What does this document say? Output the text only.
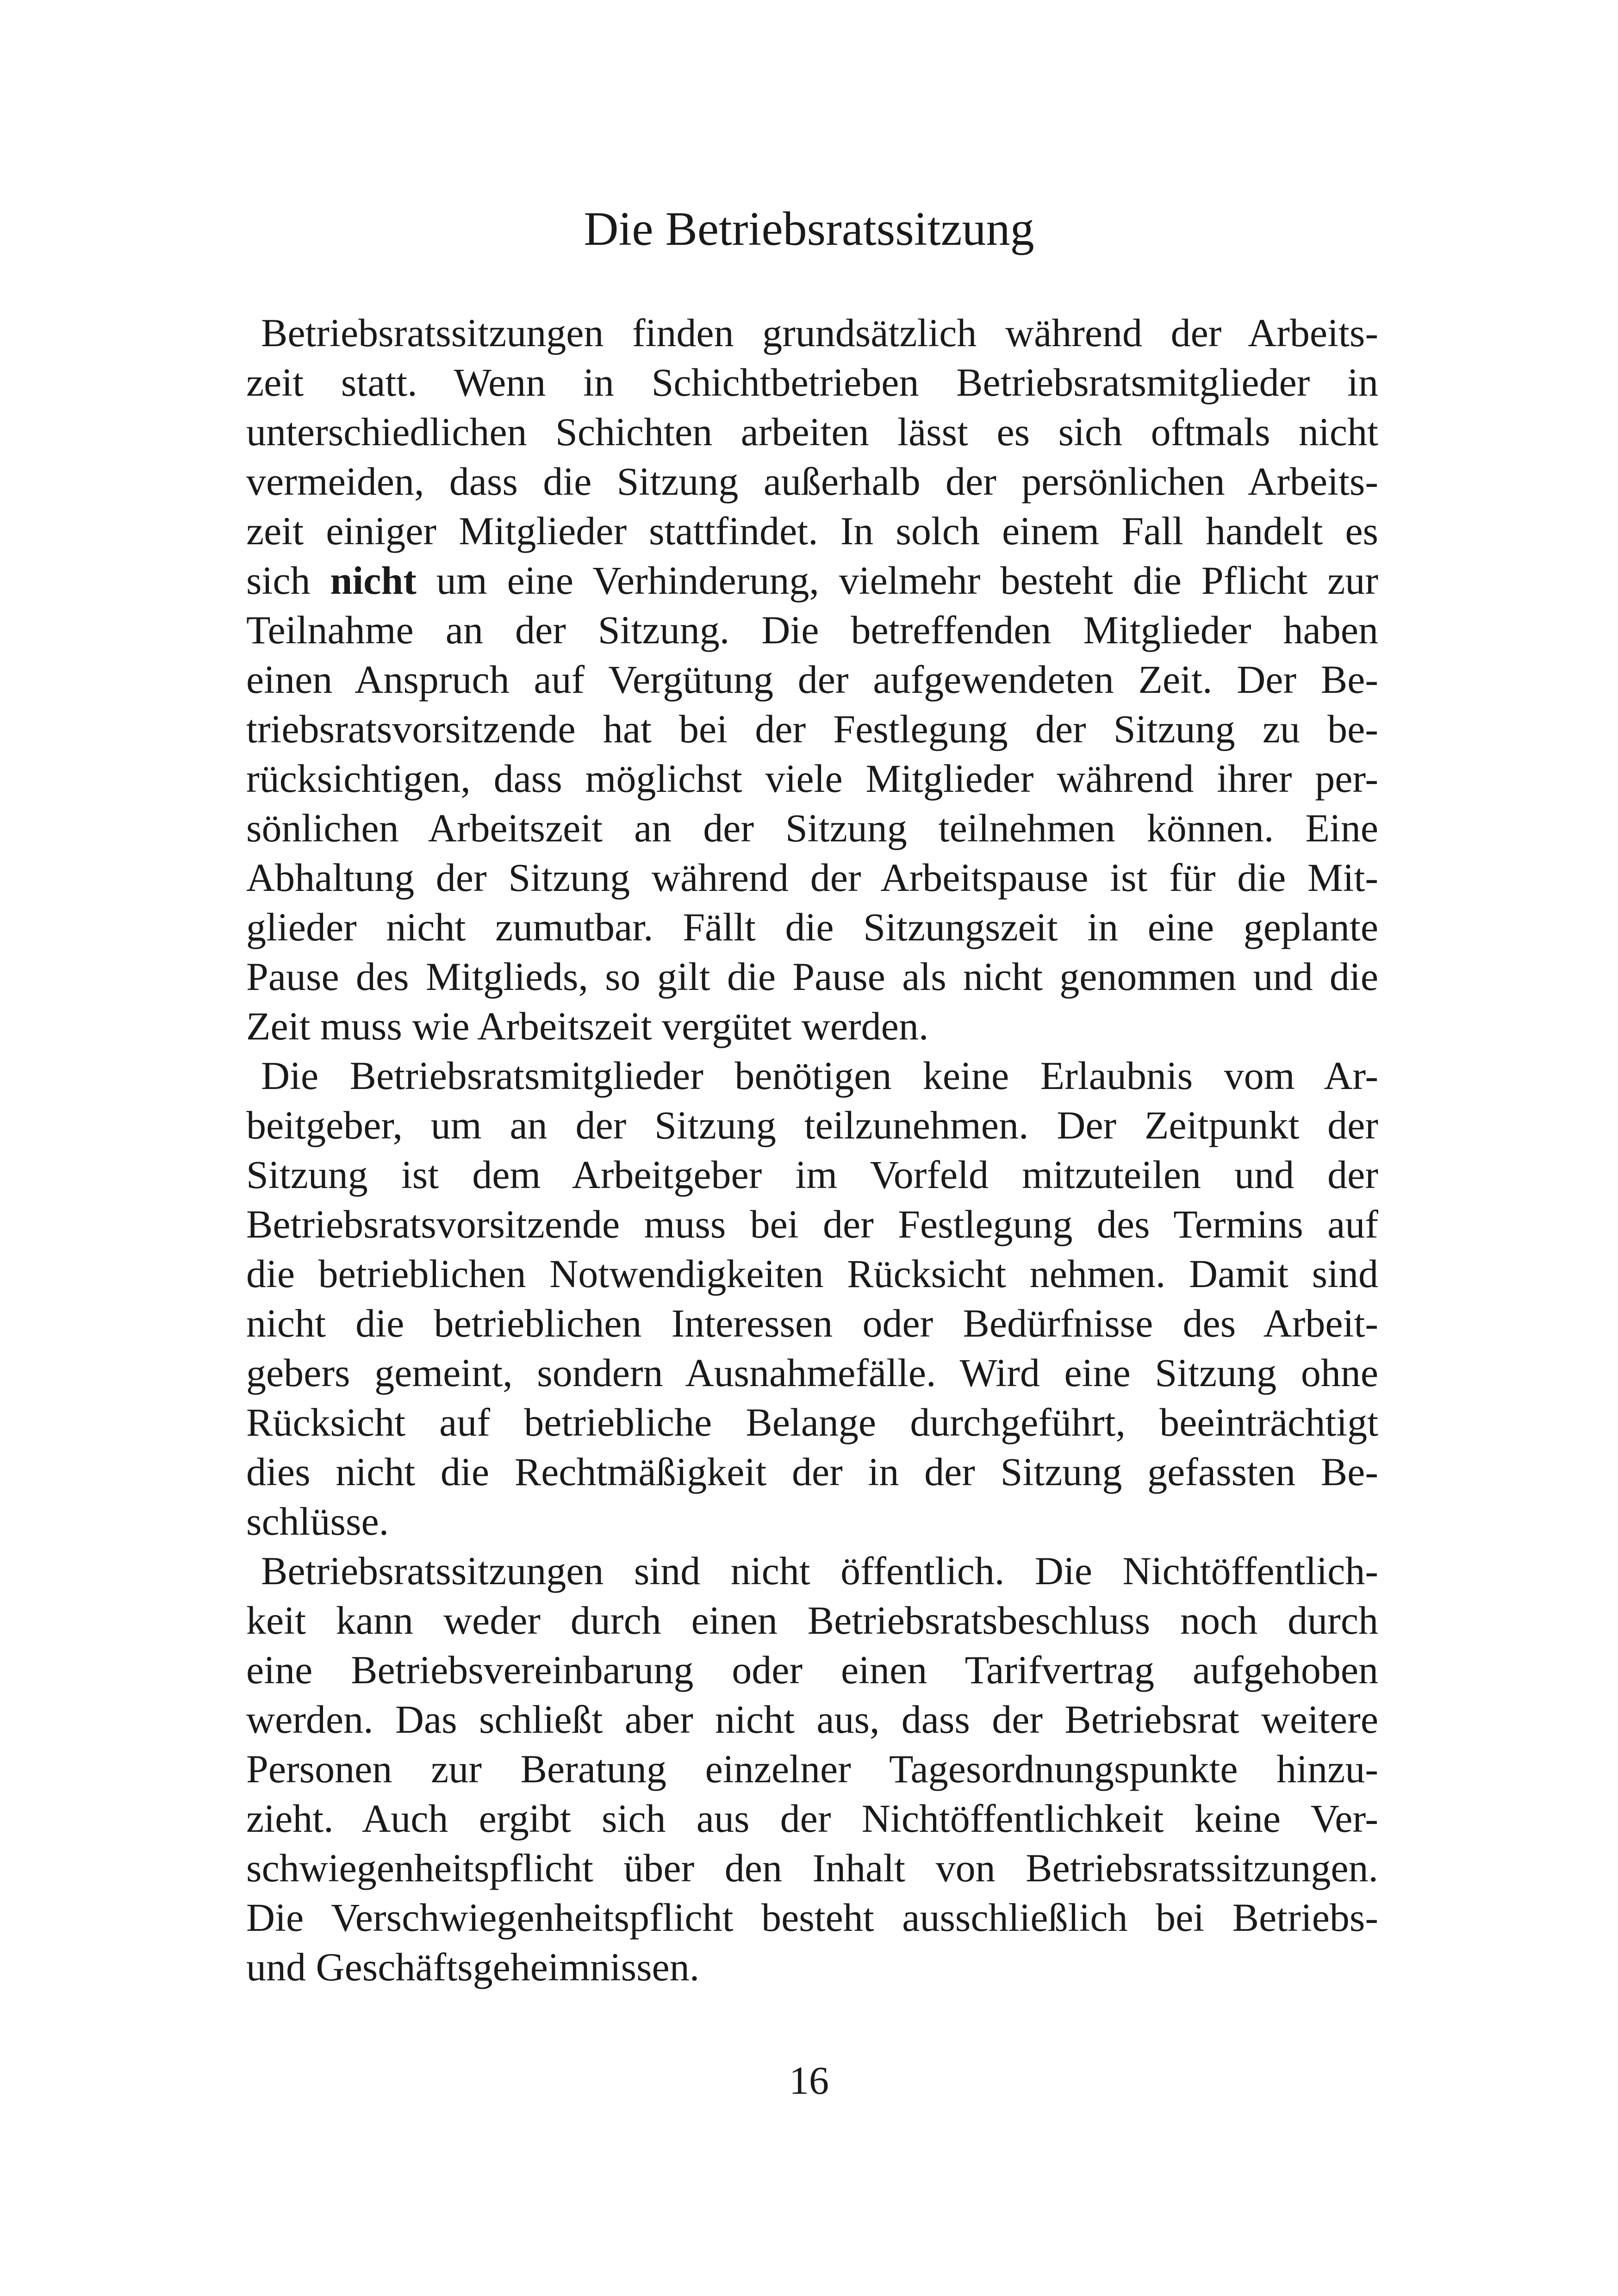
Die Betriebsratssitzung
Betriebsratssitzungen finden grundsätzlich während der Arbeits-
zeit statt. Wenn in Schichtbetrieben Betriebsratsmitglieder in
unterschiedlichen Schichten arbeiten lässt es sich oftmals nicht
vermeiden, dass die Sitzung außerhalb der persönlichen Arbeits-
zeit einiger Mitglieder stattfindet. In solch einem Fall handelt es
sich nicht um eine Verhinderung, vielmehr besteht die Pflicht zur
Teilnahme an der Sitzung. Die betreffenden Mitglieder haben
einen Anspruch auf Vergütung der aufgewendeten Zeit. Der Be-
triebsratsvorsitzende hat bei der Festlegung der Sitzung zu be-
rücksichtigen, dass möglichst viele Mitglieder während ihrer per-
sönlichen Arbeitszeit an der Sitzung teilnehmen können. Eine
Abhaltung der Sitzung während der Arbeitspause ist für die Mit-
glieder nicht zumutbar. Fällt die Sitzungszeit in eine geplante
Pause des Mitglieds, so gilt die Pause als nicht genommen und die
Zeit muss wie Arbeitszeit vergütet werden.
Die Betriebsratsmitglieder benötigen keine Erlaubnis vom Ar-
beitgeber, um an der Sitzung teilzunehmen. Der Zeitpunkt der
Sitzung ist dem Arbeitgeber im Vorfeld mitzuteilen und der
Betriebsratsvorsitzende muss bei der Festlegung des Termins auf
die betrieblichen Notwendigkeiten Rücksicht nehmen. Damit sind
nicht die betrieblichen Interessen oder Bedürfnisse des Arbeit-
gebers gemeint, sondern Ausnahmefälle. Wird eine Sitzung ohne
Rücksicht auf betriebliche Belange durchgeführt, beeinträchtigt
dies nicht die Rechtmäßigkeit der in der Sitzung gefassten Be-
schlüsse.
Betriebsratssitzungen sind nicht öffentlich. Die Nichtöffentlich-
keit kann weder durch einen Betriebsratsbeschluss noch durch
eine Betriebsvereinbarung oder einen Tarifvertrag aufgehoben
werden. Das schließt aber nicht aus, dass der Betriebsrat weitere
Personen zur Beratung einzelner Tagesordnungspunkte hinzu-
zieht. Auch ergibt sich aus der Nichtöffentlichkeit keine Ver-
schwiegenheitspflicht über den Inhalt von Betriebsratssitzungen.
Die Verschwiegenheitspflicht besteht ausschließlich bei Betriebs-
und Geschäftsgeheimnissen.
16
